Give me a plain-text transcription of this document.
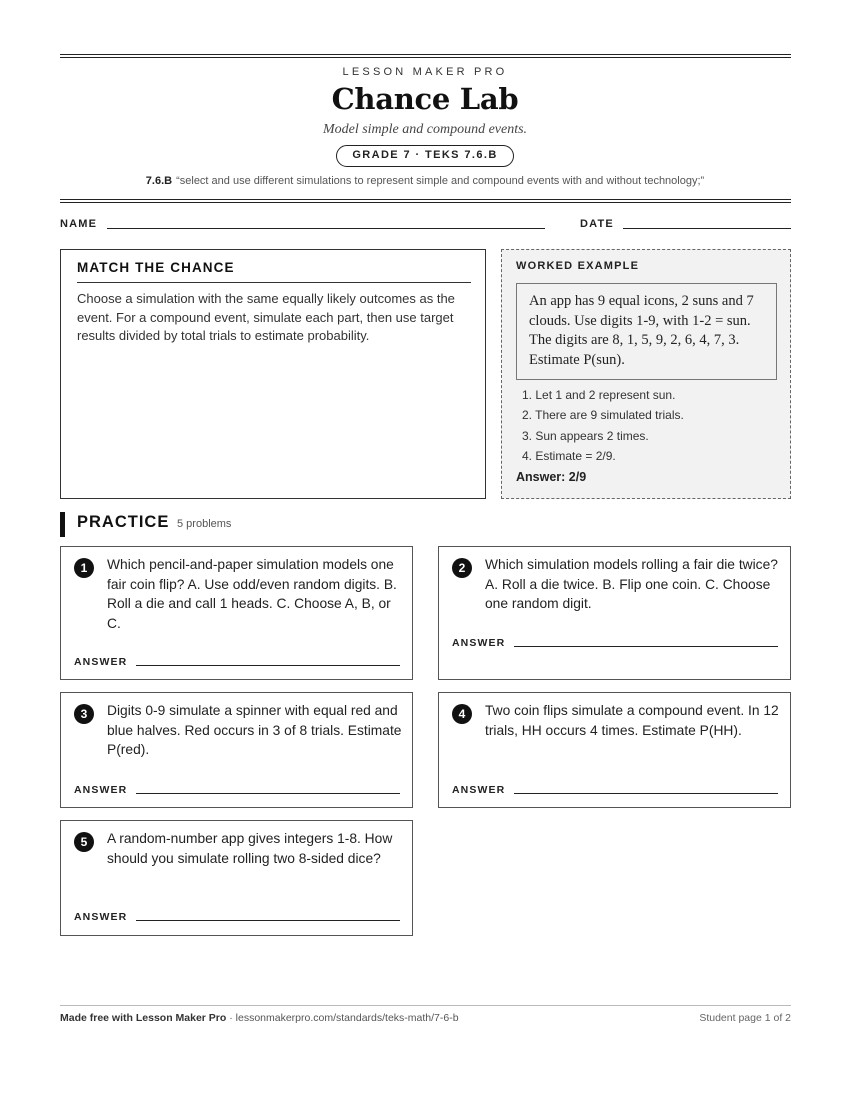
LESSON MAKER PRO
Chance Lab
Model simple and compound events.
GRADE 7 · TEKS 7.6.B
7.6.B “select and use different simulations to represent simple and compound events with and without technology;”
NAME	DATE
MATCH THE CHANCE
Choose a simulation with the same equally likely outcomes as the event. For a compound event, simulate each part, then use target results divided by total trials to estimate probability.
WORKED EXAMPLE
An app has 9 equal icons, 2 suns and 7 clouds. Use digits 1-9, with 1-2 = sun. The digits are 8, 1, 5, 9, 2, 6, 4, 7, 3. Estimate P(sun).
1. Let 1 and 2 represent sun.
2. There are 9 simulated trials.
3. Sun appears 2 times.
4. Estimate = 2/9.
Answer: 2/9
PRACTICE 5 problems
1	Which pencil-and-paper simulation models one fair coin flip? A. Use odd/even random digits. B. Roll a die and call 1 heads. C. Choose A, B, or C.
ANSWER
2	Which simulation models rolling a fair die twice? A. Roll a die twice. B. Flip one coin. C. Choose one random digit.
ANSWER
3	Digits 0-9 simulate a spinner with equal red and blue halves. Red occurs in 3 of 8 trials. Estimate P(red).
ANSWER
4	Two coin flips simulate a compound event. In 12 trials, HH occurs 4 times. Estimate P(HH).
ANSWER
5	A random-number app gives integers 1-8. How should you simulate rolling two 8-sided dice?
ANSWER
Made free with Lesson Maker Pro · lessonmakerpro.com/standards/teks-math/7-6-b	Student page 1 of 2
